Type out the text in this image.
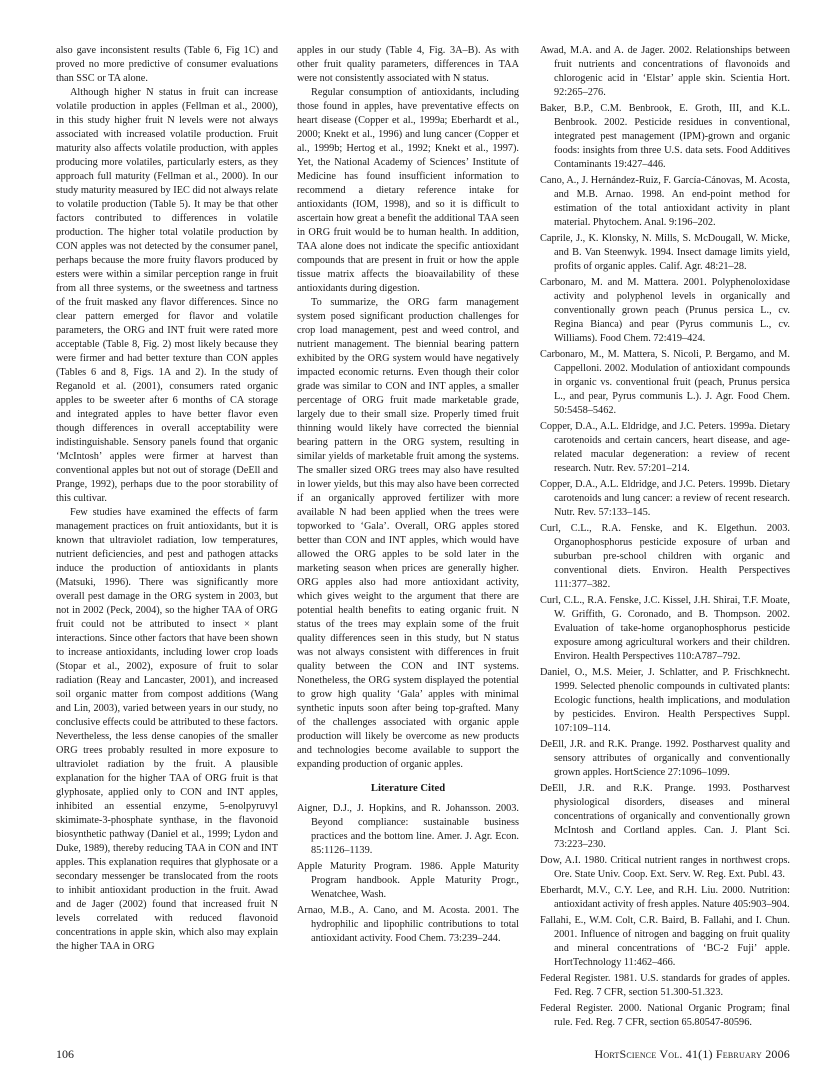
also gave inconsistent results (Table 6, Fig 1C) and proved no more predictive of consumer evaluations than SSC or TA alone.

Although higher N status in fruit can increase volatile production in apples (Fellman et al., 2000), in this study higher fruit N levels were not always associated with increased volatile production. Fruit maturity also affects volatile production, with apples producing more volatiles, particularly esters, as they approach full maturity (Fellman et al., 2000). In our study maturity measured by IEC did not always relate to volatile production (Table 5). It may be that other factors contributed to differences in volatile production. The higher total volatile production by CON apples was not detected by the consumer panel, perhaps because the more fruity flavors produced by esters were within a similar perception range in fruit from all three systems, or the sweetness and tartness of the fruit masked any flavor differences. Since no clear pattern emerged for flavor and volatile parameters, the ORG and INT fruit were rated more acceptable (Table 8, Fig. 2) most likely because they were firmer and had better texture than CON apples (Tables 6 and 8, Figs. 1A and 2). In the study of Reganold et al. (2001), consumers rated organic apples to be sweeter after 6 months of CA storage and integrated apples to have better flavor even though differences in overall acceptability were indistinguishable. Sensory panels found that organic ‘McIntosh’ apples were firmer at harvest than conventional apples but not out of storage (DeEll and Prange, 1992), perhaps due to the poor storability of this cultivar.

Few studies have examined the effects of farm management practices on fruit antioxidants, but it is known that ultraviolet radiation, low temperatures, nutrient deficiencies, and pest and pathogen attacks induce the production of antioxidants in plants (Matsuki, 1996). There was significantly more overall pest damage in the ORG system in 2003, but not in 2002 (Peck, 2004), so the higher TAA of ORG fruit could not be attributed to insect × plant interactions. Since other factors that have been shown to increase antioxidants, including lower crop loads (Stopar et al., 2002), exposure of fruit to solar radiation (Reay and Lancaster, 2001), and increased soil organic matter from compost additions (Wang and Lin, 2003), varied between years in our study, no conclusive effects could be attributed to these factors. Nevertheless, the less dense canopies of the smaller ORG trees probably resulted in more exposure to ultraviolet radiation by the fruit. A plausible explanation for the higher TAA of ORG fruit is that glyphosate, applied only to CON and INT apples, inhibited an essential enzyme, 5-enolpyruvyl skimimate-3-phosphate synthase, in the flavonoid biosynthetic pathway (Daniel et al., 1999; Lydon and Duke, 1989), thereby reducing TAA in CON and INT apples. This explanation requires that glyphosate or a secondary messenger be translocated from the roots to inhibit antioxidant production in the fruit. Awad and de Jager (2002) found that increased fruit N levels correlated with reduced flavonoid concentrations in apple skin, which also may explain the higher TAA in ORG

apples in our study (Table 4, Fig. 3A–B). As with other fruit quality parameters, differences in TAA were not consistently associated with N status.

Regular consumption of antioxidants, including those found in apples, have preventative effects on heart disease (Copper et al., 1999a; Eberhardt et al., 2000; Knekt et al., 1996) and lung cancer (Copper et al., 1999b; Hertog et al., 1992; Knekt et al., 1997). Yet, the National Academy of Sciences’ Institute of Medicine has found insufficient information to recommend a dietary reference intake for antioxidants (IOM, 1998), and so it is difficult to ascertain how great a benefit the additional TAA seen in ORG fruit would be to human health. In addition, TAA alone does not indicate the specific antioxidant compounds that are present in fruit or how the apple tissue matrix affects the bioavailability of these antioxidants during digestion.

To summarize, the ORG farm management system posed significant production challenges for crop load management, pest and weed control, and nutrient management. The biennial bearing pattern exhibited by the ORG system would have negatively impacted economic returns. Even though their color grade was similar to CON and INT apples, a smaller percentage of ORG fruit made marketable grade, largely due to their small size. Properly timed fruit thinning would likely have corrected the biennial bearing pattern in the ORG system, resulting in similar yields of marketable fruit among the systems. The smaller sized ORG trees may also have resulted in lower yields, but this may also have been corrected if an organically approved fertilizer with more available N had been applied when the trees were topworked to ‘Gala’. Overall, ORG apples stored better than CON and INT apples, which would have allowed the ORG apples to be sold later in the marketing season when prices are generally higher. ORG apples also had more antioxidant activity, which gives weight to the argument that there are potential health benefits to eating organic fruit. N status of the trees may explain some of the fruit quality differences seen in this study, but N status was not always consistent with differences in fruit quality between the CON and INT systems. Nonetheless, the ORG system displayed the potential to grow high quality ‘Gala’ apples with minimal synthetic inputs soon after being top-grafted. Many of the challenges associated with organic apple production will likely be overcome as new products and technologies become available to support the expanding production of organic apples.

Literature Cited

Aigner, D.J., J. Hopkins, and R. Johansson. 2003. Beyond compliance: sustainable business practices and the bottom line. Amer. J. Agr. Econ. 85:1126–1139.

Apple Maturity Program. 1986. Apple Maturity Program handbook. Apple Maturity Progr., Wenatchee, Wash.

Arnao, M.B., A. Cano, and M. Acosta. 2001. The hydrophilic and lipophilic contributions to total antioxidant activity. Food Chem. 73:239–244.

Awad, M.A. and A. de Jager. 2002. Relationships between fruit nutrients and concentrations of flavonoids and chlorogenic acid in ‘Elstar’ apple skin. Scientia Hort. 92:265–276.

Baker, B.P., C.M. Benbrook, E. Groth, III, and K.L. Benbrook. 2002. Pesticide residues in conventional, integrated pest management (IPM)-grown and organic foods: insights from three U.S. data sets. Food Additives Contaminants 19:427–446.

Cano, A., J. Hernández-Ruiz, F. García-Cánovas, M. Acosta, and M.B. Arnao. 1998. An end-point method for estimation of the total antioxidant activity in plant material. Phytochem. Anal. 9:196–202.

Caprile, J., K. Klonsky, N. Mills, S. McDougall, W. Micke, and B. Van Steenwyk. 1994. Insect damage limits yield, profits of organic apples. Calif. Agr. 48:21–28.

Carbonaro, M. and M. Mattera. 2001. Polyphenoloxidase activity and polyphenol levels in organically and conventionally grown peach (Prunus persica L., cv. Regina Bianca) and pear (Pyrus communis L., cv. Williams). Food Chem. 72:419–424.

Carbonaro, M., M. Mattera, S. Nicoli, P. Bergamo, and M. Cappelloni. 2002. Modulation of antioxidant compounds in organic vs. conventional fruit (peach, Prunus persica L., and pear, Pyrus communis L.). J. Agr. Food Chem. 50:5458–5462.

Copper, D.A., A.L. Eldridge, and J.C. Peters. 1999a. Dietary carotenoids and certain cancers, heart disease, and age-related macular degeneration: a review of recent research. Nutr. Rev. 57:201–214.

Copper, D.A., A.L. Eldridge, and J.C. Peters. 1999b. Dietary carotenoids and lung cancer: a review of recent research. Nutr. Rev. 57:133–145.

Curl, C.L., R.A. Fenske, and K. Elgethun. 2003. Organophosphorus pesticide exposure of urban and suburban pre-school children with organic and conventional diets. Environ. Health Perspectives 111:377–382.

Curl, C.L., R.A. Fenske, J.C. Kissel, J.H. Shirai, T.F. Moate, W. Griffith, G. Coronado, and B. Thompson. 2002. Evaluation of take-home organophosphorus pesticide exposure among agricultural workers and their children. Environ. Health Perspectives 110:A787–792.

Daniel, O., M.S. Meier, J. Schlatter, and P. Frischknecht. 1999. Selected phenolic compounds in cultivated plants: Ecologic functions, health implications, and modulation by pesticides. Environ. Health Perspectives Suppl. 107:109–114.

DeEll, J.R. and R.K. Prange. 1992. Postharvest quality and sensory attributes of organically and conventionally grown apples. HortScience 27:1096–1099.

DeEll, J.R. and R.K. Prange. 1993. Postharvest physiological disorders, diseases and mineral concentrations of organically and conventionally grown McIntosh and Cortland apples. Can. J. Plant Sci. 73:223–230.

Dow, A.I. 1980. Critical nutrient ranges in northwest crops. Ore. State Univ. Coop. Ext. Serv. W. Reg. Ext. Publ. 43.

Eberhardt, M.V., C.Y. Lee, and R.H. Liu. 2000. Nutrition: antioxidant activity of fresh apples. Nature 405:903–904.

Fallahi, E., W.M. Colt, C.R. Baird, B. Fallahi, and I. Chun. 2001. Influence of nitrogen and bagging on fruit quality and mineral concentrations of ‘BC-2 Fuji’ apple. HortTechnology 11:462–466.

Federal Register. 1981. U.S. standards for grades of apples. Fed. Reg. 7 CFR, section 51.300-51.323.

Federal Register. 2000. National Organic Program; final rule. Fed. Reg. 7 CFR, section 65.80547-80596.

106	HortScience Vol. 41(1) February 2006
